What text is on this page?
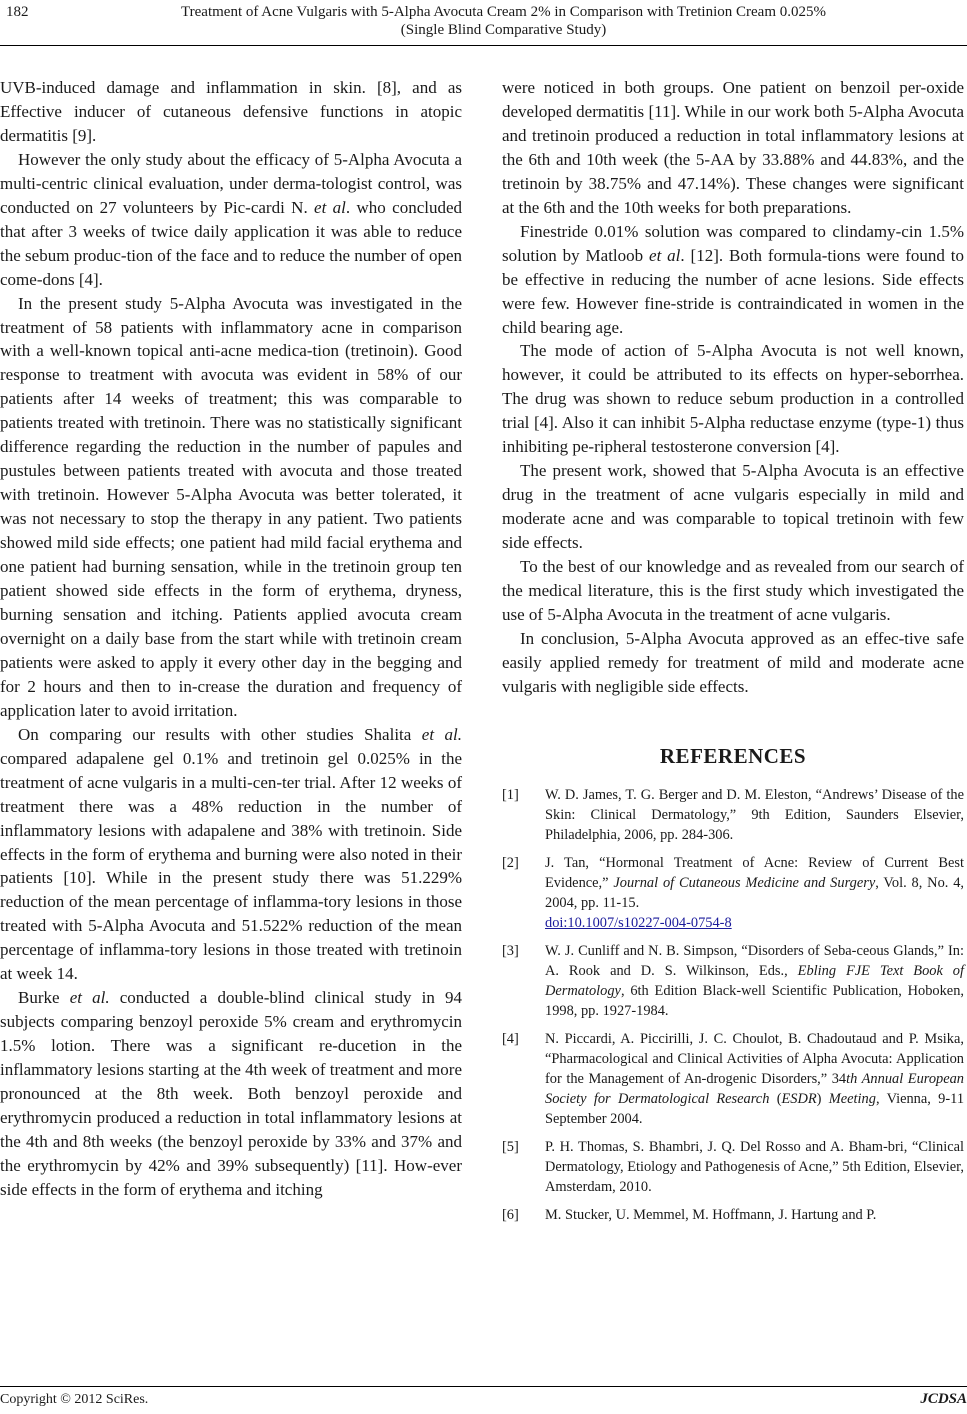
182	Treatment of Acne Vulgaris with 5-Alpha Avocuta Cream 2% in Comparison with Tretinion Cream 0.025%
(Single Blind Comparative Study)

UVB-induced damage and inflammation in skin. [8], and as Effective inducer of cutaneous defensive functions in atopic dermatitis [9].

However the only study about the efficacy of 5-Alpha Avocuta a multi-centric clinical evaluation, under derma-tologist control, was conducted on 27 volunteers by Pic-cardi N. et al. who concluded that after 3 weeks of twice daily application it was able to reduce the sebum produc-tion of the face and to reduce the number of open come-dons [4].

In the present study 5-Alpha Avocuta was investigated in the treatment of 58 patients with inflammatory acne in comparison with a well-known topical anti-acne medica-tion (tretinoin). Good response to treatment with avocuta was evident in 58% of our patients after 14 weeks of treatment; this was comparable to patients treated with tretinoin. There was no statistically significant difference regarding the reduction in the number of papules and pustules between patients treated with avocuta and those treated with tretinoin. However 5-Alpha Avocuta was better tolerated, it was not necessary to stop the therapy in any patient. Two patients showed mild side effects; one patient had mild facial erythema and one patient had burning sensation, while in the tretinoin group ten patient showed side effects in the form of erythema, dryness, burning sensation and itching. Patients applied avocuta cream overnight on a daily base from the start while with tretinoin cream patients were asked to apply it every other day in the begging and for 2 hours and then to in-crease the duration and frequency of application later to avoid irritation.

On comparing our results with other studies Shalita et al. compared adapalene gel 0.1% and tretinoin gel 0.025% in the treatment of acne vulgaris in a multi-cen-ter trial. After 12 weeks of treatment there was a 48% reduction in the number of inflammatory lesions with adapalene and 38% with tretinoin. Side effects in the form of erythema and burning were also noted in their patients [10]. While in the present study there was 51.229% reduction of the mean percentage of inflamma-tory lesions in those treated with 5-Alpha Avocuta and 51.522% reduction of the mean percentage of inflamma-tory lesions in those treated with tretinoin at week 14.

Burke et al. conducted a double-blind clinical study in 94 subjects comparing benzoyl peroxide 5% cream and erythromycin 1.5% lotion. There was a significant re-ducetion in the inflammatory lesions starting at the 4th week of treatment and more pronounced at the 8th week. Both benzoyl peroxide and erythromycin produced a reduction in total inflammatory lesions at the 4th and 8th weeks (the benzoyl peroxide by 33% and 37% and the erythromycin by 42% and 39% subsequently) [11]. How-ever side effects in the form of erythema and itching

were noticed in both groups. One patient on benzoil per-oxide developed dermatitis [11]. While in our work both 5-Alpha Avocuta and tretinoin produced a reduction in total inflammatory lesions at the 6th and 10th week (the 5-AA by 33.88% and 44.83%, and the tretinoin by 38.75% and 47.14%). These changes were significant at the 6th and the 10th weeks for both preparations.

Finestride 0.01% solution was compared to clindamy-cin 1.5% solution by Matloob et al. [12]. Both formula-tions were found to be effective in reducing the number of acne lesions. Side effects were few. However fine-stride is contraindicated in women in the child bearing age.

The mode of action of 5-Alpha Avocuta is not well known, however, it could be attributed to its effects on hyper-seborrhea. The drug was shown to reduce sebum production in a controlled trial [4]. Also it can inhibit 5-Alpha reductase enzyme (type-1) thus inhibiting pe-ripheral testosterone conversion [4].

The present work, showed that 5-Alpha Avocuta is an effective drug in the treatment of acne vulgaris especially in mild and moderate acne and was comparable to topical tretinoin with few side effects.

To the best of our knowledge and as revealed from our search of the medical literature, this is the first study which investigated the use of 5-Alpha Avocuta in the treatment of acne vulgaris.

In conclusion, 5-Alpha Avocuta approved as an effec-tive safe easily applied remedy for treatment of mild and moderate acne vulgaris with negligible side effects.

REFERENCES
[1]	W. D. James, T. G. Berger and D. M. Eleston, “Andrews’ Disease of the Skin: Clinical Dermatology,” 9th Edition, Saunders Elsevier, Philadelphia, 2006, pp. 284-306.
[2]	J. Tan, “Hormonal Treatment of Acne: Review of Current Best Evidence,” Journal of Cutaneous Medicine and Surgery, Vol. 8, No. 4, 2004, pp. 11-15.
doi:10.1007/s10227-004-0754-8
[3]	W. J. Cunliff and N. B. Simpson, “Disorders of Seba-ceous Glands,” In: A. Rook and D. S. Wilkinson, Eds., Ebling FJE Text Book of Dermatology, 6th Edition Black-well Scientific Publication, Hoboken, 1998, pp. 1927-1984.
[4]	N. Piccardi, A. Piccirilli, J. C. Choulot, B. Chadoutaud and P. Msika, “Pharmacological and Clinical Activities of Alpha Avocuta: Application for the Management of An-drogenic Disorders,” 34th Annual European Society for Dermatological Research (ESDR) Meeting, Vienna, 9-11 September 2004.
[5]	P. H. Thomas, S. Bhambri, J. Q. Del Rosso and A. Bham-bri, “Clinical Dermatology, Etiology and Pathogenesis of Acne,” 5th Edition, Elsevier, Amsterdam, 2010.
[6]	M. Stucker, U. Memmel, M. Hoffmann, J. Hartung and P.
Copyright © 2012 SciRes.	JCDSA
